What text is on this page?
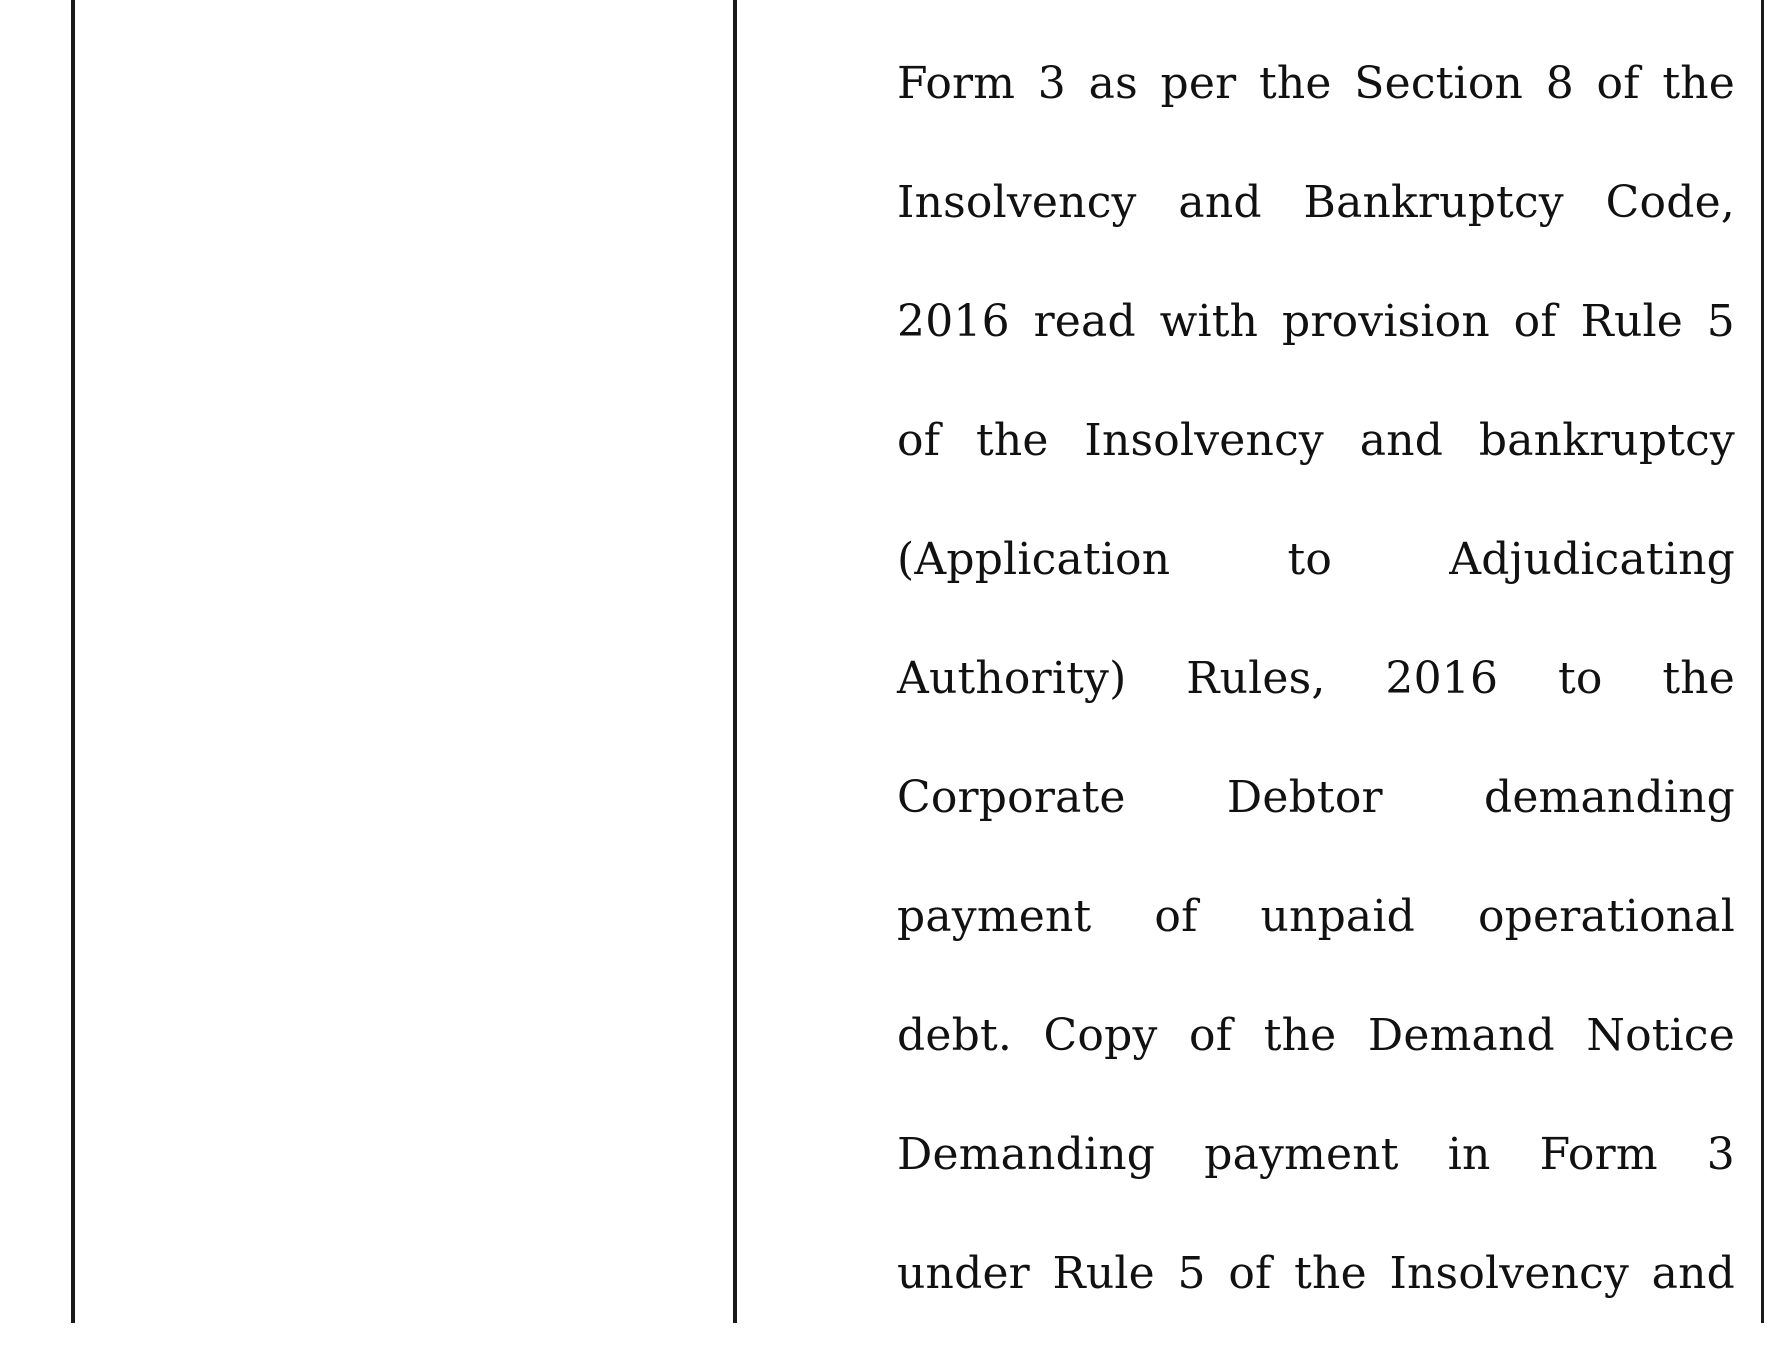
Form 3 as per the Section 8 of the
Insolvency and Bankruptcy Code,
2016 read with provision of Rule 5
of the Insolvency and bankruptcy
(Application to Adjudicating
Authority) Rules, 2016 to the
Corporate Debtor demanding
payment of unpaid operational
debt. Copy of the Demand Notice
Demanding payment in Form 3
under Rule 5 of the Insolvency and
